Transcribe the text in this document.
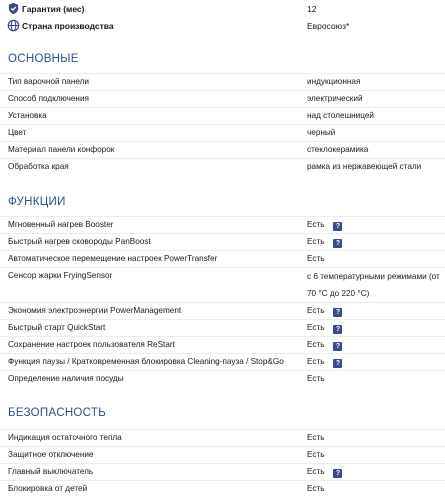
Гарантия (мес)	12
Страна производства	Евросоюз*
ОСНОВНЫЕ
Тип варочной панели	индукционная
Способ подключения	электрический
Установка	над столешницей
Цвет	черный
Материал панели конфорок	стеклокерамика
Обработка края	рамка из нержавеющей стали
ФУНКЦИИ
Мгновенный нагрев Booster	Есть ?
Быстрый нагрев сковороды PanBoost	Есть ?
Автоматическое перемещение настроек PowerTransfer	Есть
Сенсор жарки FryingSensor	с 6 температурными режимами (от 70 °С до 220 °С)
Экономия электроэнергии PowerManagement	Есть ?
Быстрый старт QuickStart	Есть ?
Сохранение настроек пользователя ReStart	Есть ?
Функция паузы / Кратковременная блокировка Cleaning-пауза / Stop&Go	Есть ?
Определение наличия посуды	Есть
БЕЗОПАСНОСТЬ
Индикация остаточного тепла	Есть
Защитное отключение	Есть
Главный выключатель	Есть ?
Блокировка от детей	Есть
